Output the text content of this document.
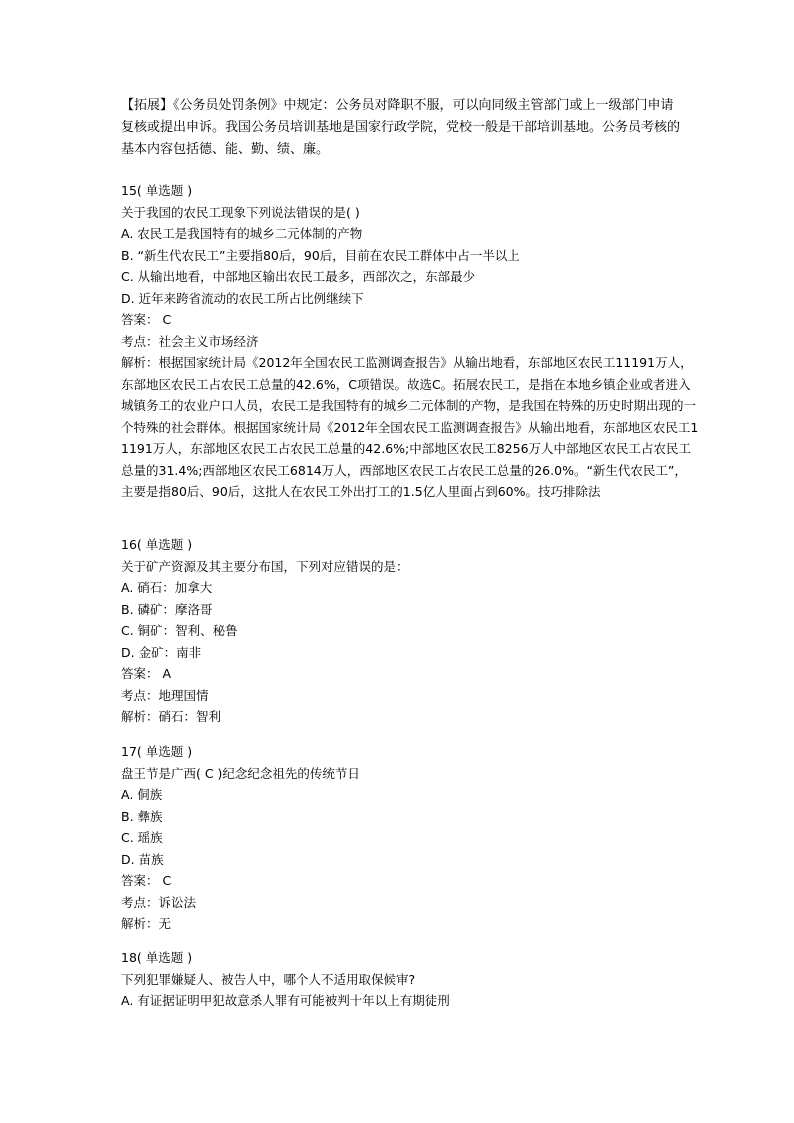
【拓展】《公务员处罚条例》中规定：公务员对降职不服，可以向同级主管部门或上一级部门申请复核或提出申诉。我国公务员培训基地是国家行政学院，党校一般是干部培训基地。公务员考核的基本内容包括德、能、勤、绩、廉。

15( 单选题 )
关于我国的农民工现象下列说法错误的是( )
A. 农民工是我国特有的城乡二元体制的产物
B. “新生代农民工”主要指80后，90后，目前在农民工群体中占一半以上
C. 从输出地看，中部地区输出农民工最多，西部次之，东部最少
D. 近年来跨省流动的农民工所占比例继续下
答案： C
考点：社会主义市场经济
解析：根据国家统计局《2012年全国农民工监测调查报告》从输出地看，东部地区农民工11191万人，东部地区农民工占农民工总量的42.6%，C项错误。故选C。拓展农民工，是指在本地乡镇企业或者进入城镇务工的农业户口人员，农民工是我国特有的城乡二元体制的产物，是我国在特殊的历史时期出现的一个特殊的社会群体。根据国家统计局《2012年全国农民工监测调查报告》从输出地看，东部地区农民工11191万人，东部地区农民工占农民工总量的42.6%;中部地区农民工8256万人中部地区农民工占农民工总量的31.4%;西部地区农民工6814万人，西部地区农民工占农民工总量的26.0%。“新生代农民工”，主要是指80后、90后，这批人在农民工外出打工的1.5亿人里面占到60%。技巧排除法
16( 单选题 )
关于矿产资源及其主要分布国，下列对应错误的是：
A. 硝石：加拿大
B. 磷矿：摩洛哥
C. 铜矿：智利、秘鲁
D. 金矿：南非
答案： A
考点：地理国情
解析：硝石：智利
17( 单选题 )
盘王节是广西( C )纪念纪念祖先的传统节日
A. 侗族
B. 彝族
C. 瑶族
D. 苗族
答案： C
考点：诉讼法
解析：无
18( 单选题 )
下列犯罪嫌疑人、被告人中，哪个人不适用取保候审?
A. 有证据证明甲犯故意杀人罪有可能被判十年以上有期徒刑
